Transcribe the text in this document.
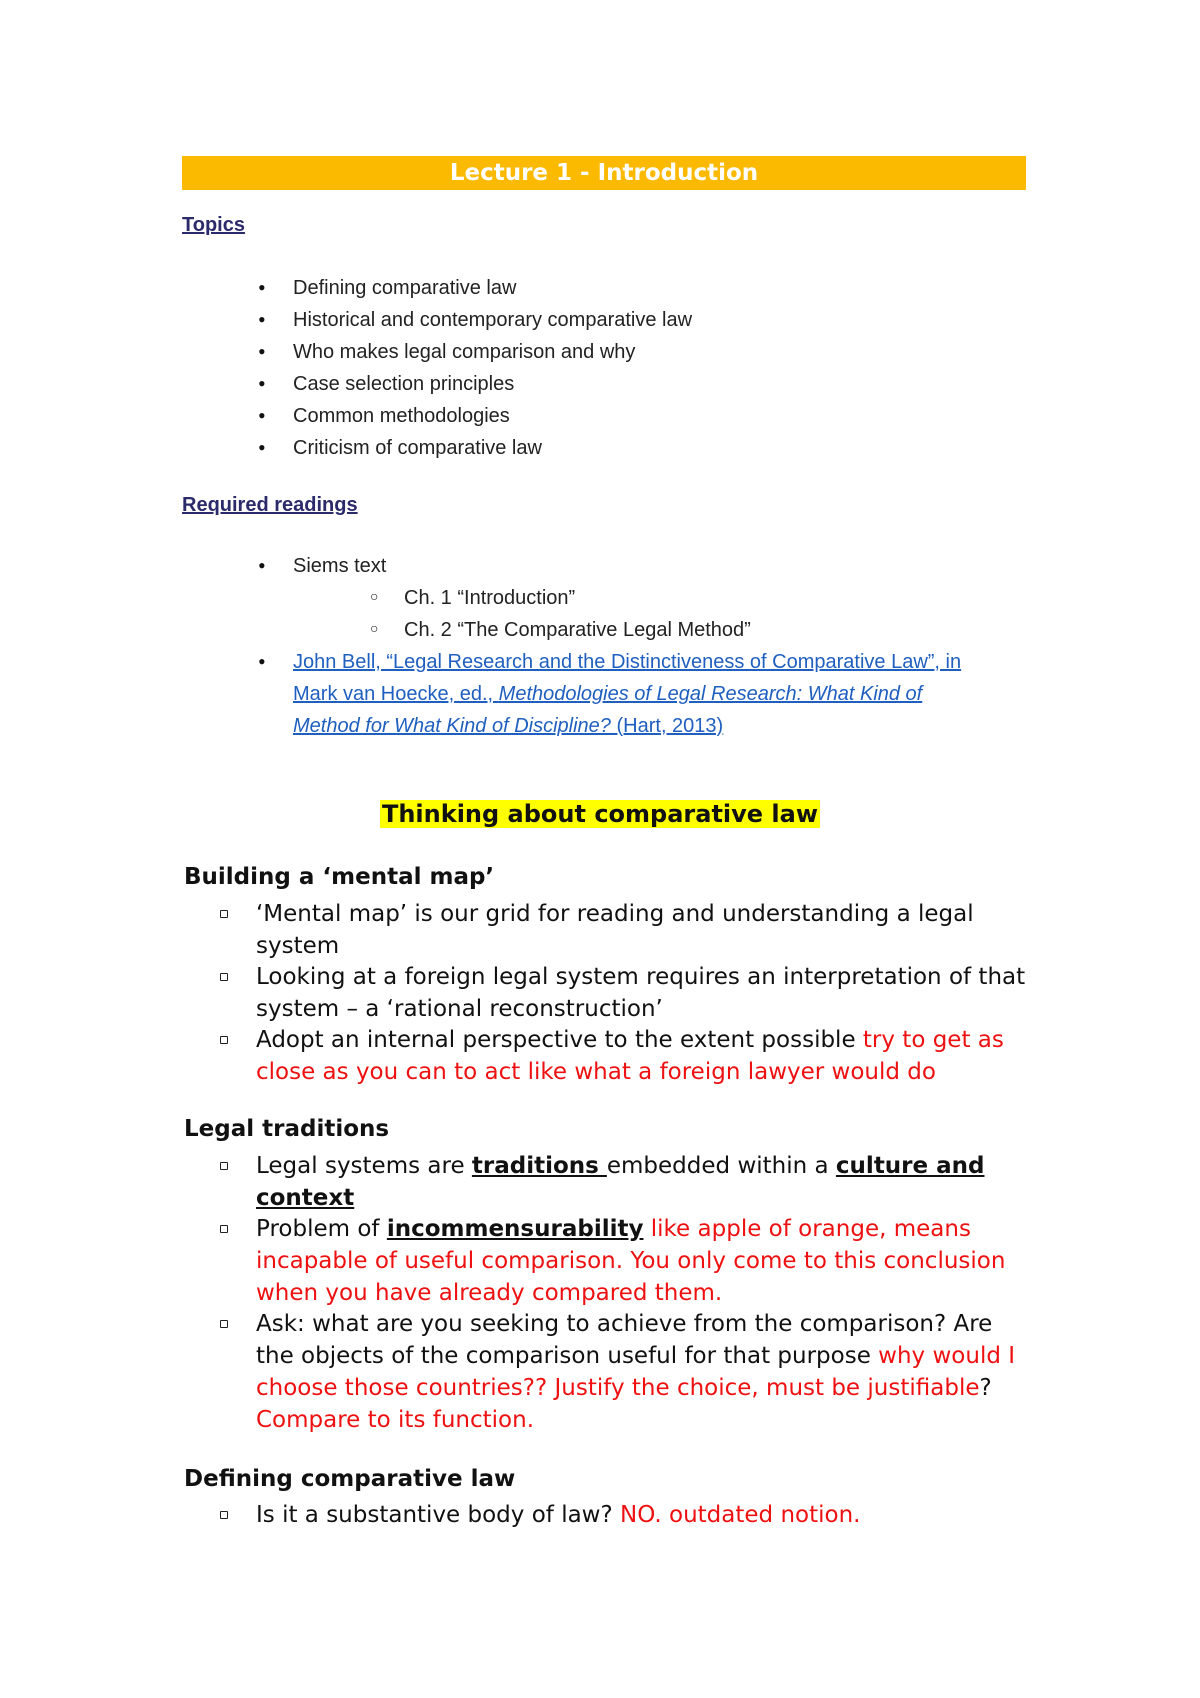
Lecture 1 - Introduction
Topics
• Defining comparative law
• Historical and contemporary comparative law
• Who makes legal comparison and why
• Case selection principles
• Common methodologies
• Criticism of comparative law
Required readings
• Siems text
○ Ch. 1 “Introduction”
○ Ch. 2 “The Comparative Legal Method”
• John Bell, “Legal Research and the Distinctiveness of Comparative Law”, in
Mark van Hoecke, ed., Methodologies of Legal Research: What Kind of
Method for What Kind of Discipline? (Hart, 2013)
Thinking about comparative law
Building a ‘mental map’
‘Mental map’ is our grid for reading and understanding a legal system
Looking at a foreign legal system requires an interpretation of that system – a ‘rational reconstruction’
Adopt an internal perspective to the extent possible try to get as close as you can to act like what a foreign lawyer would do
Legal traditions
Legal systems are traditions embedded within a culture and context
Problem of incommensurability like apple of orange, means incapable of useful comparison. You only come to this conclusion when you have already compared them.
Ask: what are you seeking to achieve from the comparison? Are the objects of the comparison useful for that purpose why would I choose those countries?? Justify the choice, must be justifiable? Compare to its function.
Defining comparative law
Is it a substantive body of law? NO. outdated notion.
